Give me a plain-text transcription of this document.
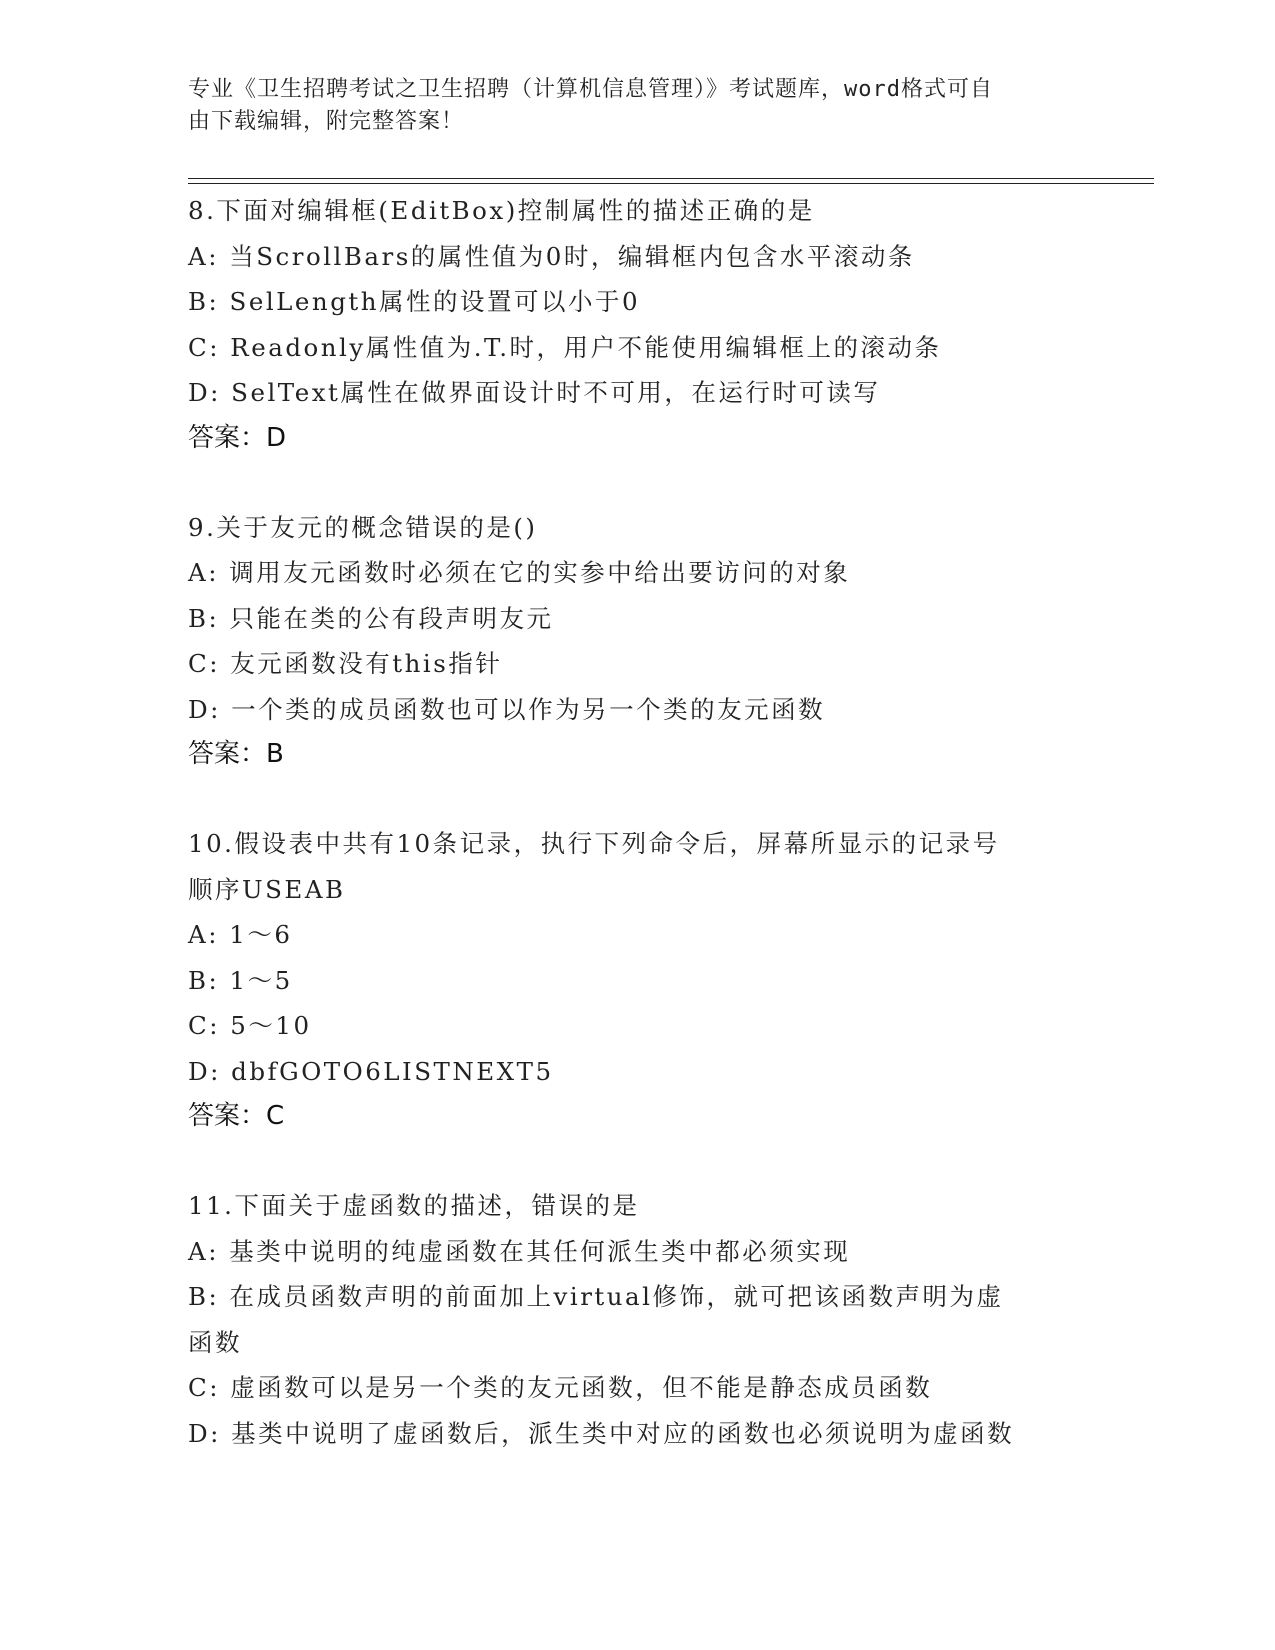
专业《卫生招聘考试之卫生招聘（计算机信息管理）》考试题库，word格式可自
由下载编辑，附完整答案！
8.下面对编辑框(EditBox)控制属性的描述正确的是
A: 当ScrollBars的属性值为0时，编辑框内包含水平滚动条
B: SelLength属性的设置可以小于0
C: Readonly属性值为.T.时，用户不能使用编辑框上的滚动条
D: SelText属性在做界面设计时不可用，在运行时可读写
答案：D
9.关于友元的概念错误的是()
A: 调用友元函数时必须在它的实参中给出要访问的对象
B: 只能在类的公有段声明友元
C: 友元函数没有this指针
D: 一个类的成员函数也可以作为另一个类的友元函数
答案：B
10.假设表中共有10条记录，执行下列命令后，屏幕所显示的记录号
顺序USEAB
A: 1～6
B: 1～5
C: 5～10
D: dbfGOTO6LISTNEXT5
答案：C
11.下面关于虚函数的描述，错误的是
A: 基类中说明的纯虚函数在其任何派生类中都必须实现
B: 在成员函数声明的前面加上virtual修饰，就可把该函数声明为虚
函数
C: 虚函数可以是另一个类的友元函数，但不能是静态成员函数
D: 基类中说明了虚函数后，派生类中对应的函数也必须说明为虚函数
